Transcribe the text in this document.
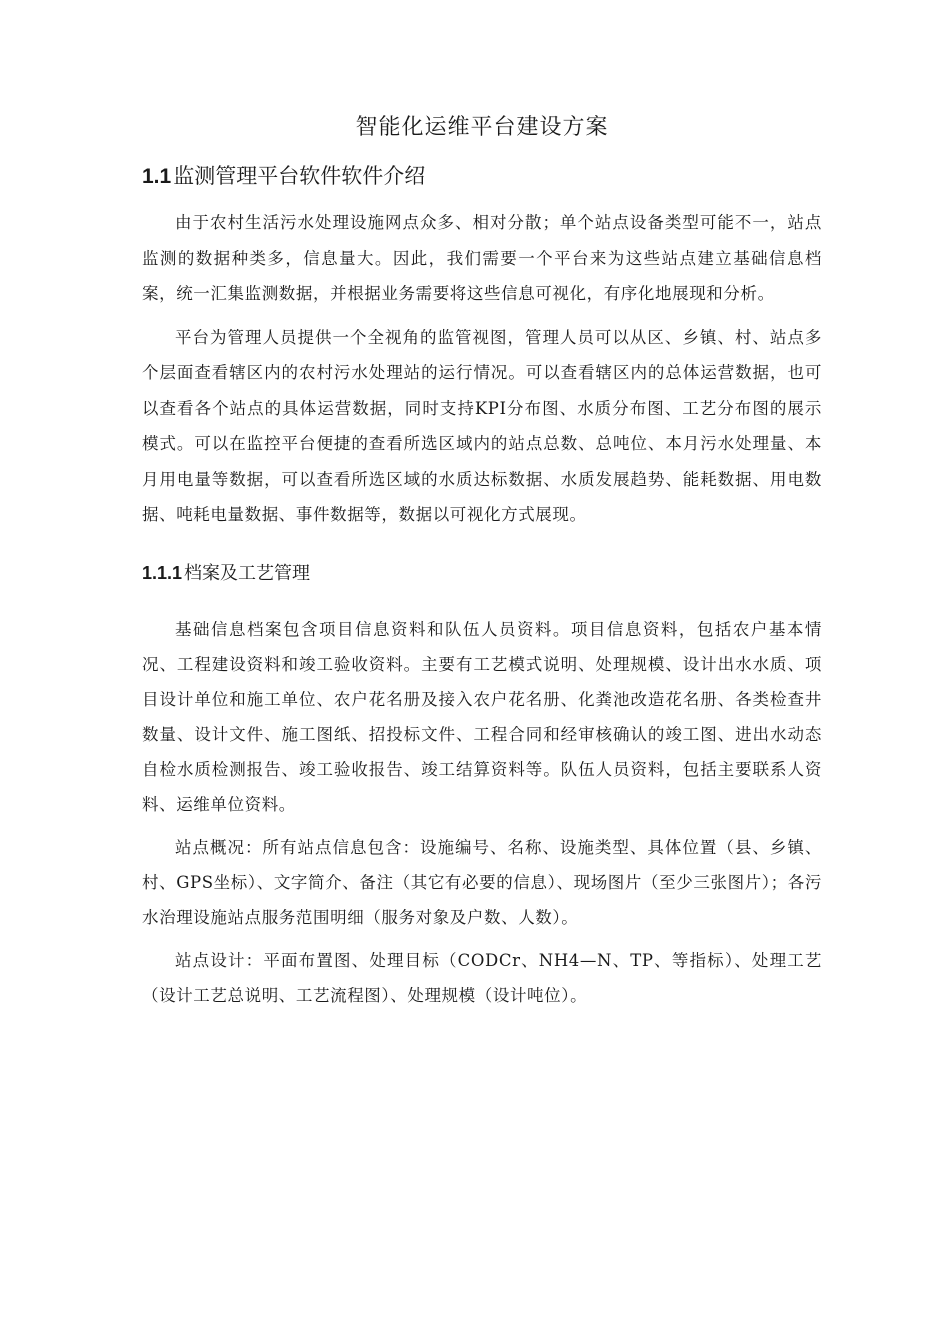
智能化运维平台建设方案
1.1监测管理平台软件软件介绍

由于农村生活污水处理设施网点众多、相对分散；单个站点设备类型可能不一，站点监测的数据种类多，信息量大。因此，我们需要一个平台来为这些站点建立基础信息档案，统一汇集监测数据，并根据业务需要将这些信息可视化，有序化地展现和分析。

平台为管理人员提供一个全视角的监管视图，管理人员可以从区、乡镇、村、站点多个层面查看辖区内的农村污水处理站的运行情况。可以查看辖区内的总体运营数据，也可以查看各个站点的具体运营数据，同时支持KPI分布图、水质分布图、工艺分布图的展示模式。可以在监控平台便捷的查看所选区域内的站点总数、总吨位、本月污水处理量、本月用电量等数据，可以查看所选区域的水质达标数据、水质发展趋势、能耗数据、用电数据、吨耗电量数据、事件数据等，数据以可视化方式展现。

1.1.1 档案及工艺管理

基础信息档案包含项目信息资料和队伍人员资料。项目信息资料，包括农户基本情况、工程建设资料和竣工验收资料。主要有工艺模式说明、处理规模、设计出水水质、项目设计单位和施工单位、农户花名册及接入农户花名册、化粪池改造花名册、各类检查井数量、设计文件、施工图纸、招投标文件、工程合同和经审核确认的竣工图、进出水动态自检水质检测报告、竣工验收报告、竣工结算资料等。队伍人员资料，包括主要联系人资料、运维单位资料。

站点概况：所有站点信息包含：设施编号、名称、设施类型、具体位置（县、乡镇、村、GPS坐标）、文字简介、备注（其它有必要的信息）、现场图片（至少三张图片）；各污水治理设施站点服务范围明细（服务对象及户数、人数）。

站点设计：平面布置图、处理目标（CODCr、NH4—N、TP、等指标）、处理工艺（设计工艺总说明、工艺流程图）、处理规模（设计吨位）。
